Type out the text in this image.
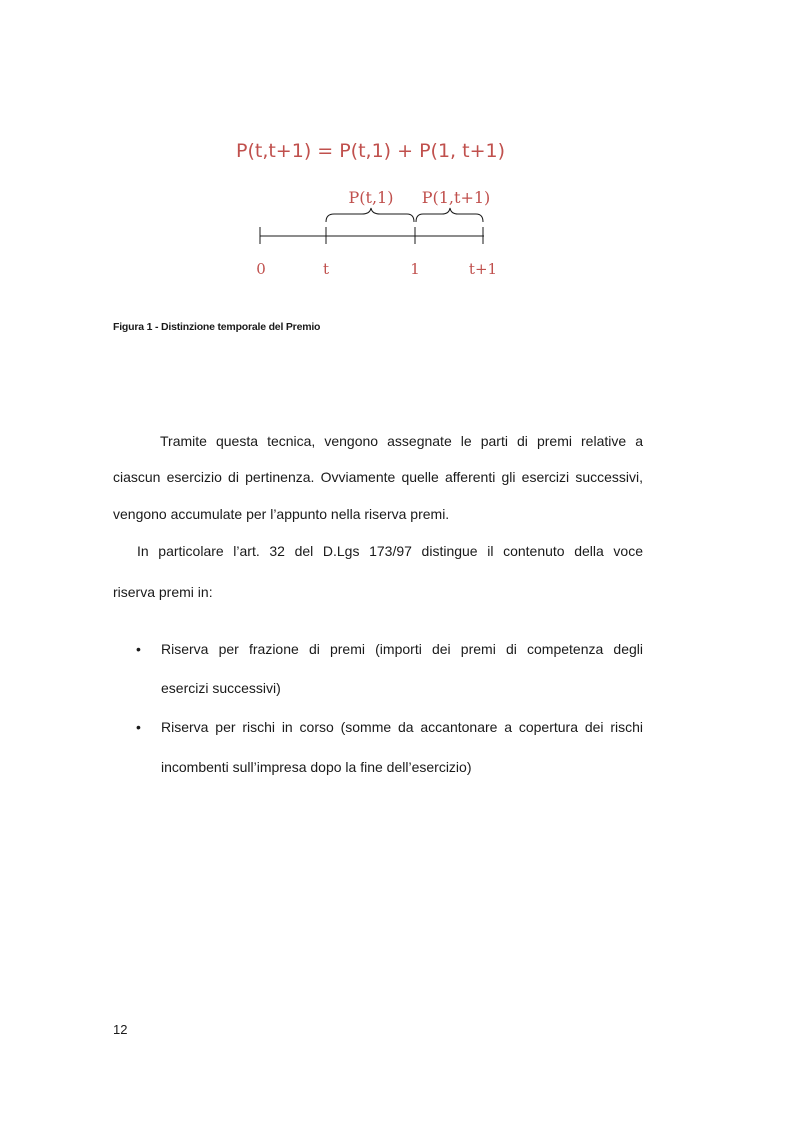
P(t,t+1) = P(t,1) + P(1, t+1)
P(t,1) P(1,t+1)
0	t	1	t+1
Figura 1 - Distinzione temporale del Premio
Tramite questa tecnica, vengono assegnate le parti di premi relative a
ciascun esercizio di pertinenza. Ovviamente quelle afferenti gli esercizi successivi,
vengono accumulate per l’appunto nella riserva premi.
In particolare l’art. 32 del D.Lgs 173/97 distingue il contenuto della voce
riserva premi in:
• Riserva per frazione di premi (importi dei premi di competenza degli
esercizi successivi)
• Riserva per rischi in corso (somme da accantonare a copertura dei rischi
incombenti sull’impresa dopo la fine dell’esercizio)
12
